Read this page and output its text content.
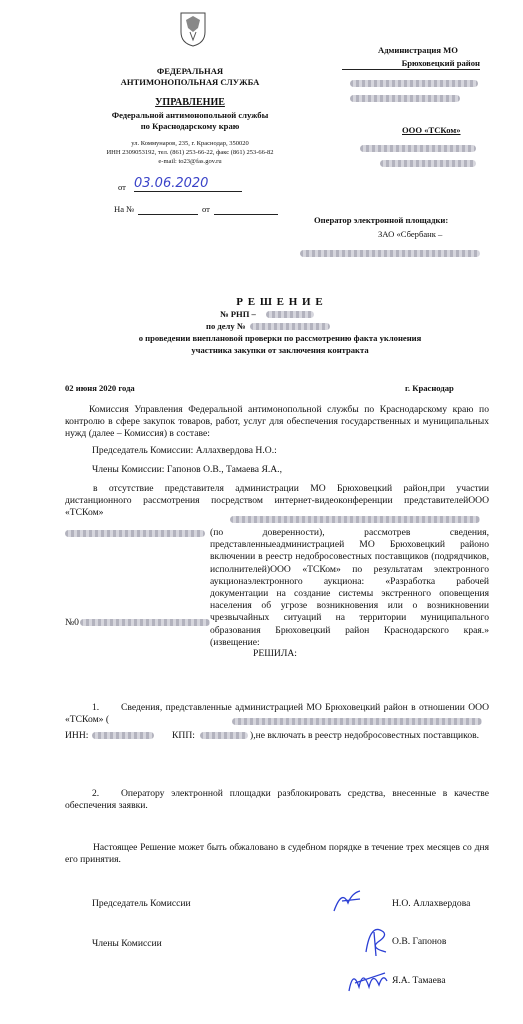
ФЕДЕРАЛЬНАЯ
АНТИМОНОПОЛЬНАЯ СЛУЖБА
УПРАВЛЕНИЕ
Федеральной антимонопольной службы
по Краснодарскому краю
ул. Коммунаров, 235, г. Краснодар, 350020
ИНН 2309053192, тел. (861) 253-66-22, факс (861) 253-66-82
e-mail: to23@fas.gov.ru
от 03.06.2020
На №	от
Администрация МО
Брюховецкий район
ООО «ТСКом»
Оператор электронной площадки:
ЗАО «Сбербанк –
Р Е Ш Е Н И Е
№ РНП –
по делу №
о проведении внеплановой проверки по рассмотрению факта уклонения
участника закупки от заключения контракта
02 июня 2020 года	г. Краснодар
Комиссия Управления Федеральной антимонопольной службы по Краснодарскому краю по контролю в сфере закупок товаров, работ, услуг для обеспечения государственных и муниципальных нужд (далее – Комиссия) в составе:
Председатель Комиссии: Аллахвердова Н.О.:
Члены Комиссии: Гапонов О.В., Тамаева Я.А.,
в отсутствие представителя администрации МО Брюховецкий район,при участии дистанционного рассмотрения посредством интернет-видеоконференции представителейООО «ТСКом»
(по доверенности), рассмотрев сведения, представленныеадминистрацией МО Брюховецкий районо включении в реестр недобросовестных поставщиков (подрядчиков, исполнителей)ООО «ТСКом» по результатам электронного аукционаэлектронного аукциона: «Разработка рабочей документации на создание системы экстренного оповещения населения об угрозе возникновения или о возникновении чрезвычайных ситуаций на территории муниципального образования Брюховецкий район Краснодарского края.» (извещение:
№0
РЕШИЛА:
1.	Сведения, представленные администрацией МО Брюховецкий район в отношении ООО «ТСКом» (
ИНН:	КПП:	),не включать в реестр недобросовестных поставщиков.
2.	Оператору электронной площадки разблокировать средства, внесенные в качестве обеспечения заявки.
Настоящее Решение может быть обжаловано в судебном порядке в течение трех месяцев со дня его принятия.
Председатель Комиссии	Н.О. Аллахвердова
Члены Комиссии	О.В. Гапонов
Я.А. Тамаева
